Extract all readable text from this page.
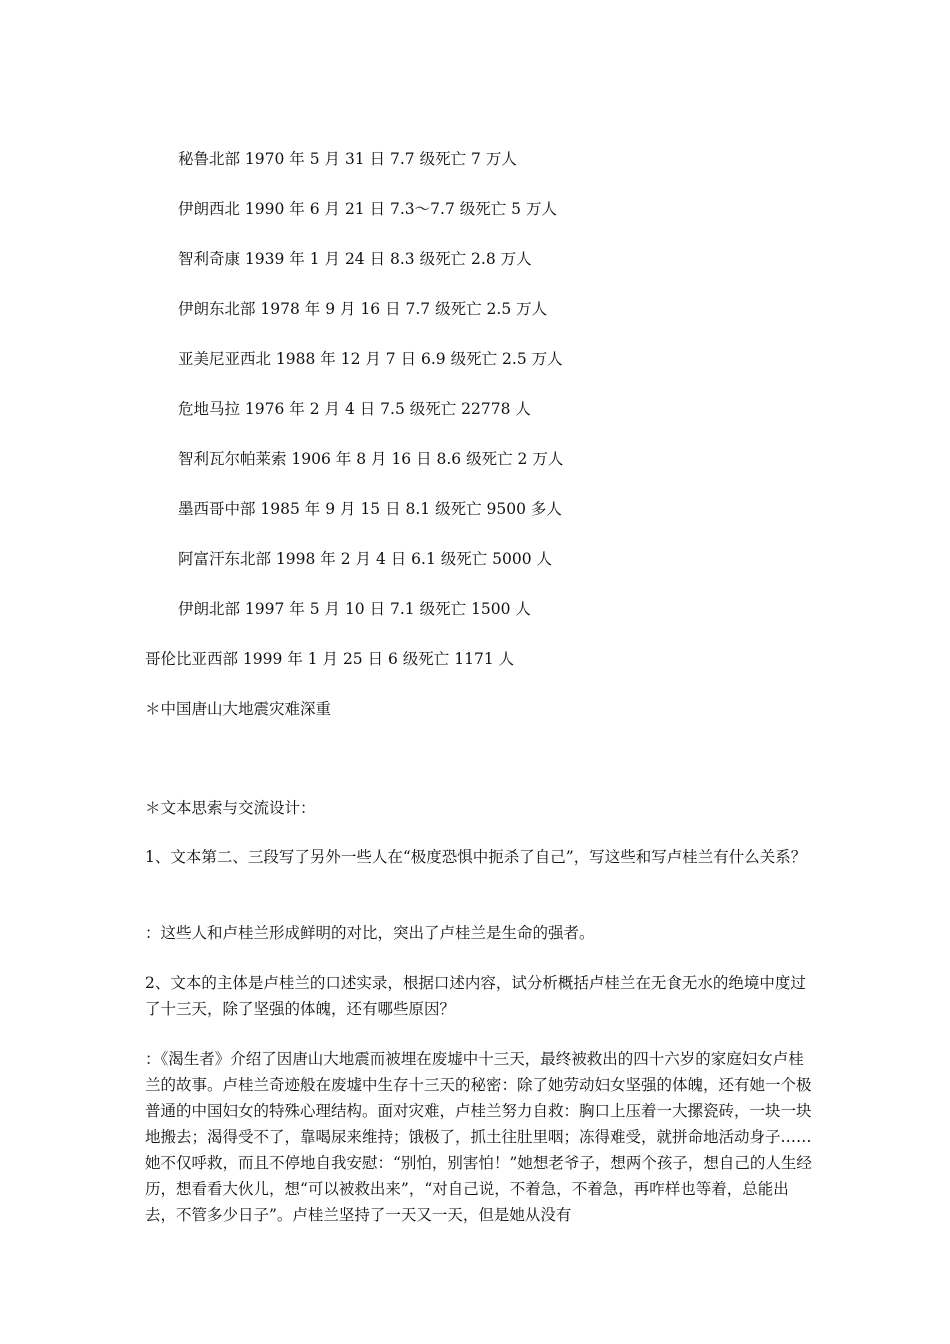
秘鲁北部 1970 年 5 月 31 日 7.7 级死亡 7 万人

伊朗西北 1990 年 6 月 21 日 7.3～7.7 级死亡 5 万人

智利奇康 1939 年 1 月 24 日 8.3 级死亡 2.8 万人

伊朗东北部 1978 年 9 月 16 日 7.7 级死亡 2.5 万人

亚美尼亚西北 1988 年 12 月 7 日 6.9 级死亡 2.5 万人

危地马拉 1976 年 2 月 4 日 7.5 级死亡 22778 人

智利瓦尔帕莱索 1906 年 8 月 16 日 8.6 级死亡 2 万人

墨西哥中部 1985 年 9 月 15 日 8.1 级死亡 9500 多人

阿富汗东北部 1998 年 2 月 4 日 6.1 级死亡 5000 人

伊朗北部 1997 年 5 月 10 日 7.1 级死亡 1500 人

哥伦比亚西部 1999 年 1 月 25 日 6 级死亡 1171 人

＊中国唐山大地震灾难深重

＊文本思索与交流设计：

1、文本第二、三段写了另外一些人在“极度恐惧中扼杀了自己”，写这些和写卢桂兰有什么关系？

：这些人和卢桂兰形成鲜明的对比，突出了卢桂兰是生命的强者。

2、文本的主体是卢桂兰的口述实录，根据口述内容，试分析概括卢桂兰在无食无水的绝境中度过了十三天，除了坚强的体魄，还有哪些原因？

：《渴生者》介绍了因唐山大地震而被埋在废墟中十三天，最终被救出的四十六岁的家庭妇女卢桂兰的故事。卢桂兰奇迹般在废墟中生存十三天的秘密：除了她劳动妇女坚强的体魄，还有她一个极普通的中国妇女的特殊心理结构。面对灾难，卢桂兰努力自救：胸口上压着一大摞瓷砖，一块一块地搬去；渴得受不了，靠喝尿来维持；饿极了，抓土往肚里咽；冻得难受，就拼命地活动身子……她不仅呼救，而且不停地自我安慰：“别怕，别害怕！”她想老爷子，想两个孩子，想自己的人生经历，想看看大伙儿，想“可以被救出来”，“对自己说，不着急，不着急，再咋样也等着，总能出去，不管多少日子”。卢桂兰坚持了一天又一天，但是她从没有
